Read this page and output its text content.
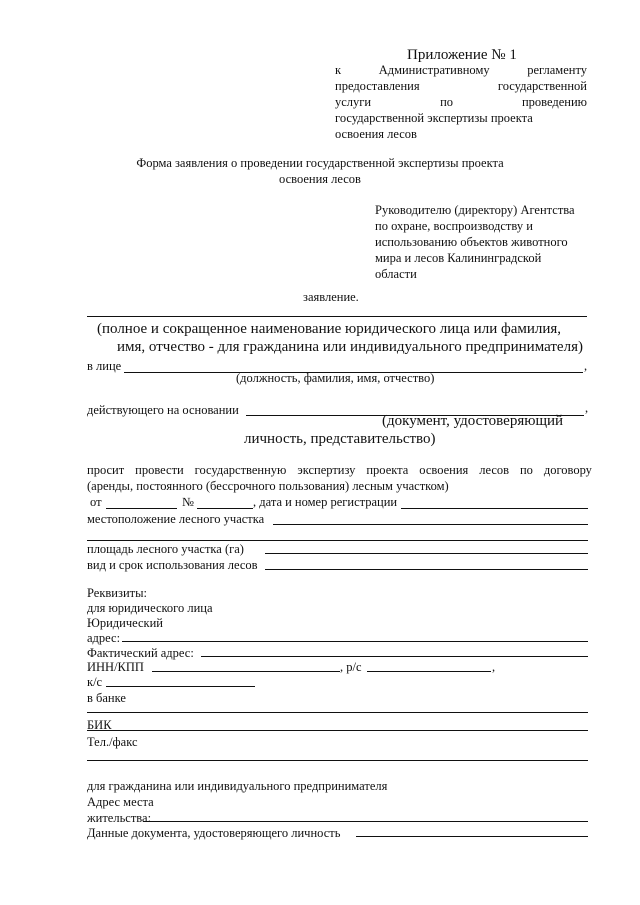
Приложение № 1
к	Административному	регламенту
предоставления	государственной
услуги	по	проведению
государственной экспертизы проекта
освоения лесов
Форма заявления о проведении государственной экспертизы проекта
освоения лесов
Руководителю (директору) Агентства
по охране, воспроизводству и
использованию объектов животного
мира и лесов Калининградской
области
заявление.
(полное и сокращенное наименование юридического лица или фамилия,
имя, отчество - для гражданина или индивидуального предпринимателя)
в лице	,
(должность, фамилия, имя, отчество)
действующего на основании	,
(документ, удостоверяющий
личность, представительство)
просит провести государственную экспертизу проекта освоения лесов по договору
(аренды, постоянного (бессрочного пользования) лесным участком)
от	№	, дата и номер регистрации
местоположение лесного участка
площадь лесного участка (га)
вид и срок использования лесов
Реквизиты:
для юридического лица
Юридический
адрес:
Фактический адрес:
ИНН/КПП	, р/с	,
к/с
в банке
БИК
Тел./факс
для гражданина или индивидуального предпринимателя
Адрес места
жительства:
Данные документа, удостоверяющего личность
